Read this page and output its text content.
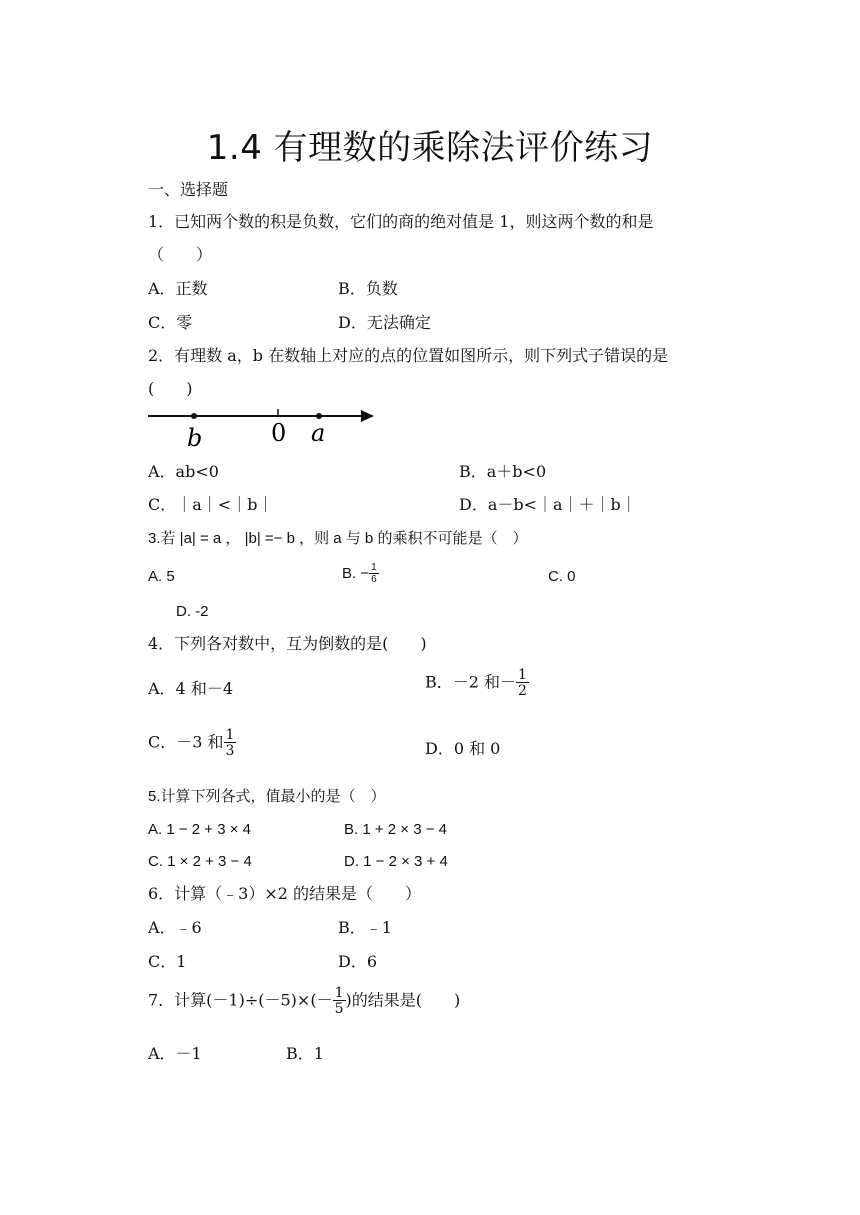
1.4 有理数的乘除法评价练习
一、选择题
1．已知两个数的积是负数，它们的商的绝对值是 1，则这两个数的和是
（　　）
A．正数	B．负数
C．零	D．无法确定
2．有理数 a，b 在数轴上对应的点的位置如图所示，则下列式子错误的是
(　　)
b	0 a
A．ab<0	B．a＋b<0
C．｜a｜<｜b｜	D．a－b<｜a｜＋｜b｜
3.若 |a| = a ， |b| =− b ，则 a 与 b 的乘积不可能是（　）
A. 5	B. − $\frac{1}{6}$	C. 0
D. -2
4．下列各对数中，互为倒数的是(　　)
A．4 和－4	B．－2 和－ $\frac{1}{2}$
C．－3 和 $\frac{1}{3}$	D．0 和 0
5.计算下列各式，值最小的是（　）
A. 1 − 2 + 3 × 4	B. 1 + 2 × 3 − 4
C. 1 × 2 + 3 − 4	D. 1 − 2 × 3 + 4
6．计算（﹣3）×2 的结果是（　　）
A．﹣6	B．﹣1
C．1	D．6
7．计算$(-1)\div(-5)\times(- \frac{1}{5}$ )的结果是(　　)
A．－1	B．1
